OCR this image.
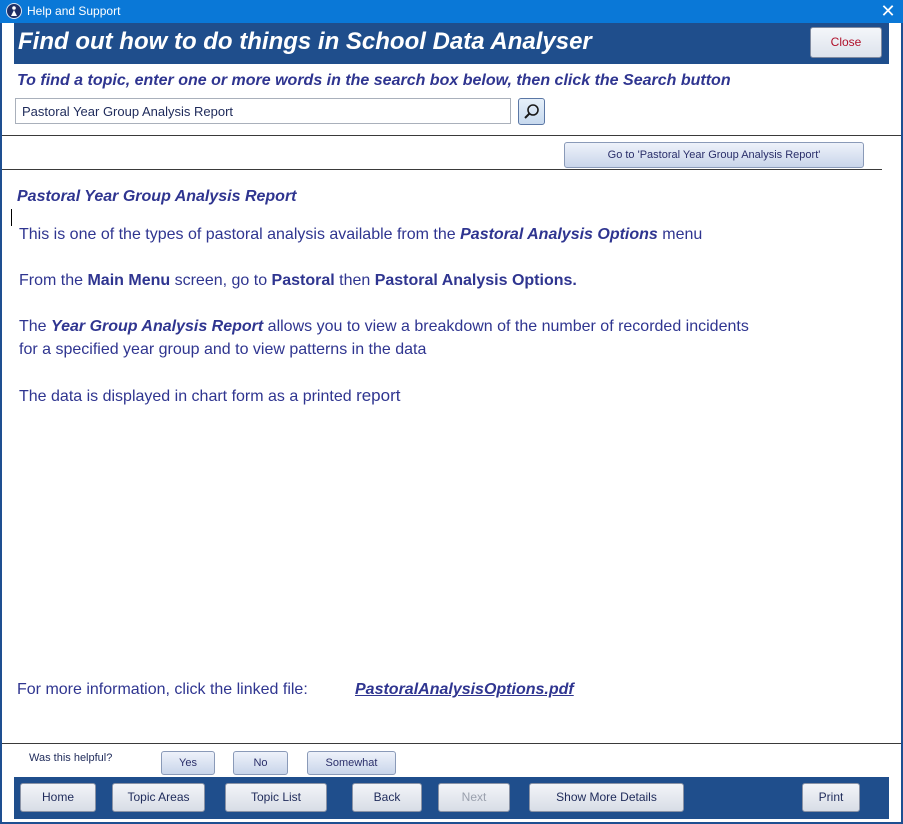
Help and Support	✕
Find out how to do things in School Data Analyser	Close
To find a topic, enter one or more words in the search box below, then click the Search button
Pastoral Year Group Analysis Report
Go to 'Pastoral Year Group Analysis Report'
Pastoral Year Group Analysis Report
This is one of the types of pastoral analysis available from the Pastoral Analysis Options menu
From the Main Menu screen, go to Pastoral then Pastoral Analysis Options.
The Year Group Analysis Report allows you to view a breakdown of the number of recorded incidents
for a specified year group and to view patterns in the data
The data is displayed in chart form as a printed report
For more information, click the linked file:	PastoralAnalysisOptions.pdf
Was this helpful?	Yes	No	Somewhat
Home	Topic Areas	Topic List	Back	Next	Show More Details	Print
